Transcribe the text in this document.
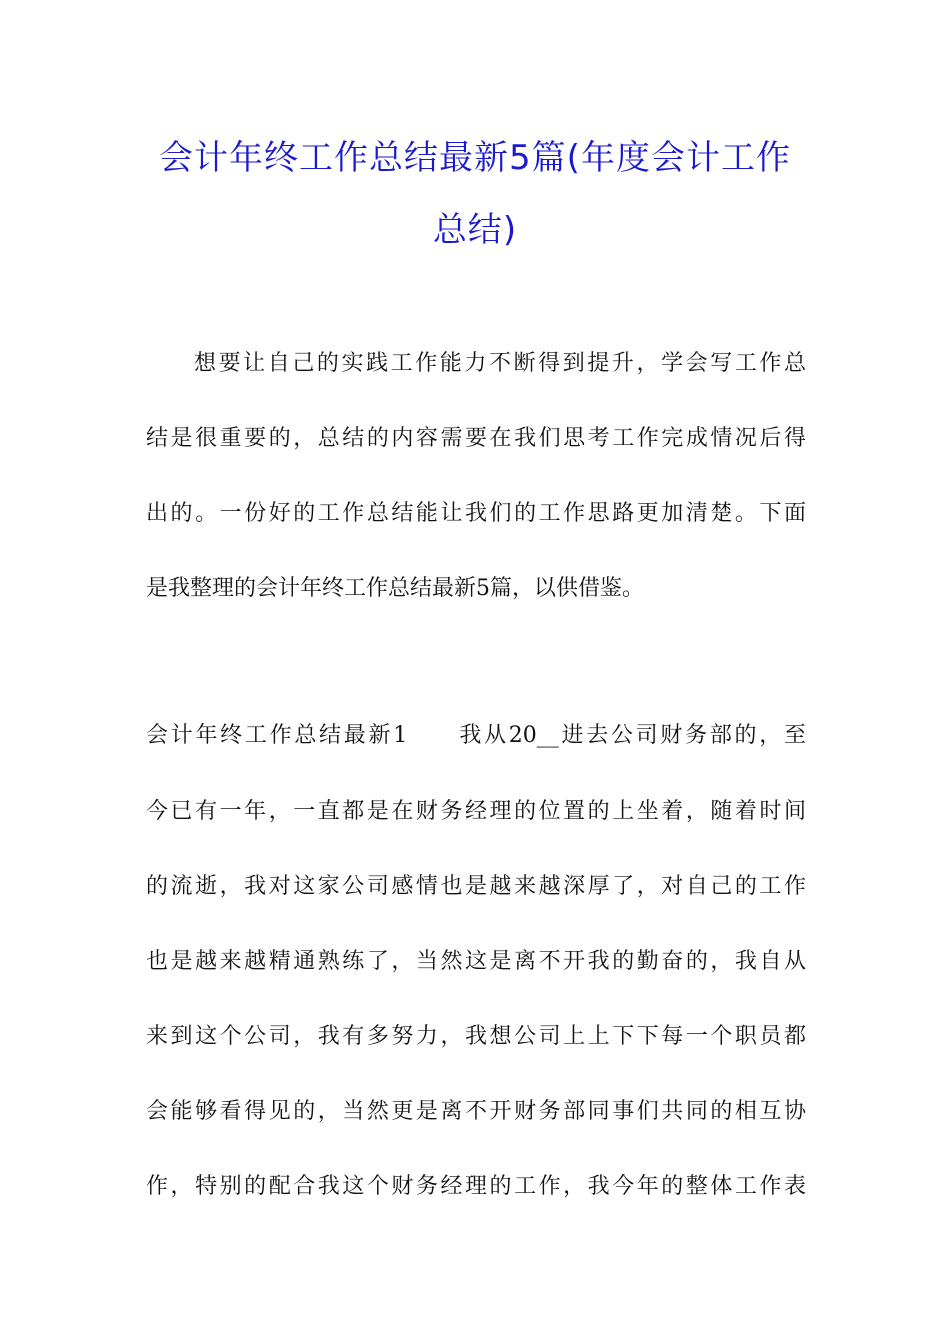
会计年终工作总结最新5篇(年度会计工作
总结)
想要让自己的实践工作能力不断得到提升，学会写工作总
结是很重要的，总结的内容需要在我们思考工作完成情况后得
出的。一份好的工作总结能让我们的工作思路更加清楚。下面
是我整理的会计年终工作总结最新5篇，以供借鉴。
会计年终工作总结最新1　　我从20__进去公司财务部的，至
今已有一年，一直都是在财务经理的位置的上坐着，随着时间
的流逝，我对这家公司感情也是越来越深厚了，对自己的工作
也是越来越精通熟练了，当然这是离不开我的勤奋的，我自从
来到这个公司，我有多努力，我想公司上上下下每一个职员都
会能够看得见的，当然更是离不开财务部同事们共同的相互协
作，特别的配合我这个财务经理的工作，我今年的整体工作表
